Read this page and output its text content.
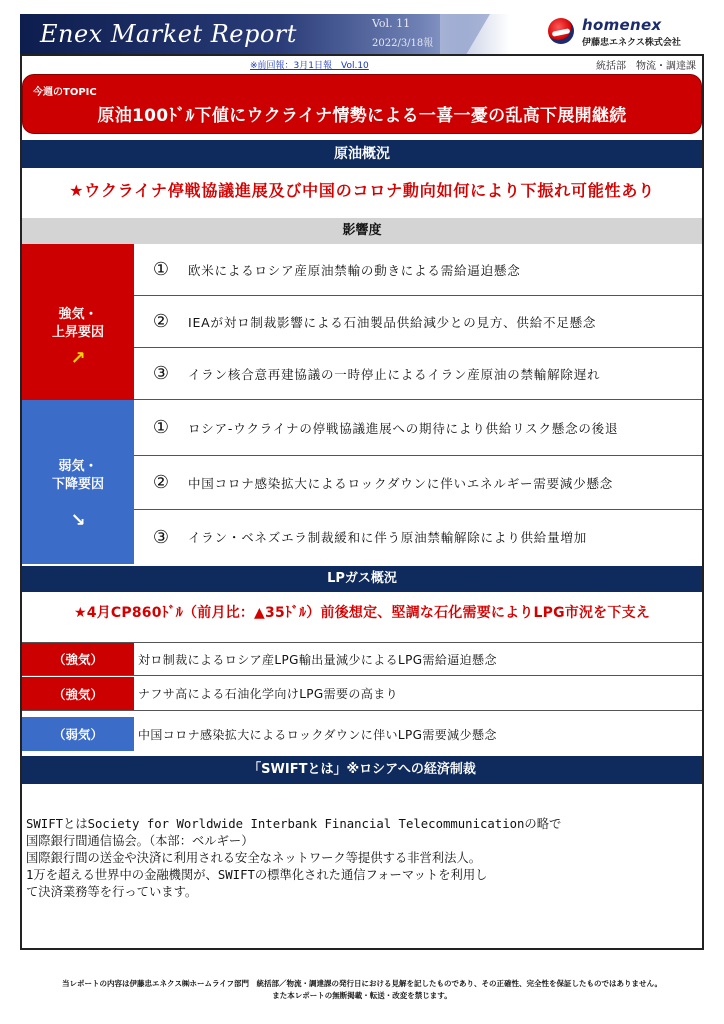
Enex Market Report	Vol. 11
2022/3/18報
homenex
伊藤忠エネクス株式会社
※前回報：3月1日報　Vol.10	統括部　物流・調達課
今週のTOPIC
原油100ﾄﾞﾙ下値にウクライナ情勢による一喜一憂の乱高下展開継続
原油概況
★ウクライナ停戦協議進展及び中国のコロナ動向如何により下振れ可能性あり
影響度
強気・
上昇要因
↗
①	欧米によるロシア産原油禁輸の動きによる需給逼迫懸念
②	IEAが対ロ制裁影響による石油製品供給減少との見方、供給不足懸念
③	イラン核合意再建協議の一時停止によるイラン産原油の禁輸解除遅れ
弱気・
下降要因
↘
①	ロシア-ウクライナの停戦協議進展への期待により供給リスク懸念の後退
②	中国コロナ感染拡大によるロックダウンに伴いエネルギー需要減少懸念
③	イラン・ベネズエラ制裁緩和に伴う原油禁輸解除により供給量増加
LPガス概況
★4月CP860ﾄﾞﾙ（前月比：▲35ﾄﾞﾙ）前後想定、堅調な石化需要によりLPG市況を下支え
（強気）	対ロ制裁によるロシア産LPG輸出量減少によるLPG需給逼迫懸念
（強気）	ナフサ高による石油化学向けLPG需要の高まり
（弱気）	中国コロナ感染拡大によるロックダウンに伴いLPG需要減少懸念
「SWIFTとは」※ロシアへの経済制裁

SWIFTとはSociety for Worldwide Interbank Financial Telecommunicationの略で

国際銀行間通信協会。（本部：ベルギー）

国際銀行間の送金や決済に利用される安全なネットワーク等提供する非営利法人。

1万を超える世界中の金融機関が、SWIFTの標準化された通信フォーマットを利用し

て決済業務等を行っています。

当レポートの内容は伊藤忠エネクス㈱ホームライフ部門　統括部／物流・調達課の発行日における見解を記したものであり、その正確性、完全性を保証したものではありません。
また本レポートの無断掲載・転送・改変を禁じます。
